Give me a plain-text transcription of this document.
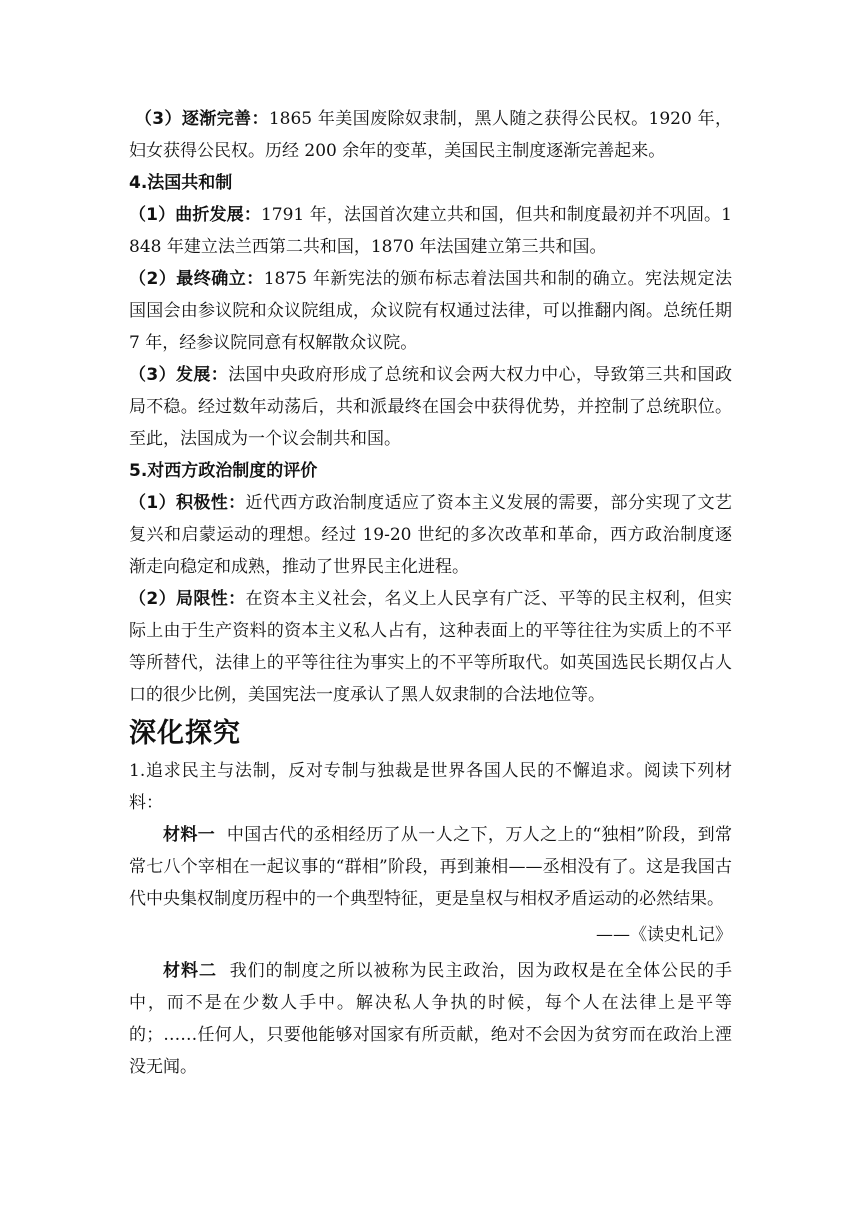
（3）逐渐完善：1865 年美国废除奴隶制，黑人随之获得公民权。1920 年，妇女获得公民权。历经 200 余年的变革，美国民主制度逐渐完善起来。

4.法国共和制

（1）曲折发展：1791 年，法国首次建立共和国，但共和制度最初并不巩固。1848 年建立法兰西第二共和国，1870 年法国建立第三共和国。

（2）最终确立：1875 年新宪法的颁布标志着法国共和制的确立。宪法规定法国国会由参议院和众议院组成，众议院有权通过法律，可以推翻内阁。总统任期 7 年，经参议院同意有权解散众议院。

（3）发展：法国中央政府形成了总统和议会两大权力中心，导致第三共和国政局不稳。经过数年动荡后，共和派最终在国会中获得优势，并控制了总统职位。至此，法国成为一个议会制共和国。

5.对西方政治制度的评价

（1）积极性：近代西方政治制度适应了资本主义发展的需要，部分实现了文艺复兴和启蒙运动的理想。经过 19-20 世纪的多次改革和革命，西方政治制度逐渐走向稳定和成熟，推动了世界民主化进程。

（2）局限性：在资本主义社会，名义上人民享有广泛、平等的民主权利，但实际上由于生产资料的资本主义私人占有，这种表面上的平等往往为实质上的不平等所替代，法律上的平等往往为事实上的不平等所取代。如英国选民长期仅占人口的很少比例，美国宪法一度承认了黑人奴隶制的合法地位等。

深化探究

1.追求民主与法制，反对专制与独裁是世界各国人民的不懈追求。阅读下列材料：

材料一 中国古代的丞相经历了从一人之下，万人之上的“独相”阶段，到常常七八个宰相在一起议事的“群相”阶段，再到兼相——丞相没有了。这是我国古代中央集权制度历程中的一个典型特征，更是皇权与相权矛盾运动的必然结果。

——《读史札记》

材料二 我们的制度之所以被称为民主政治，因为政权是在全体公民的手中，而不是在少数人手中。解决私人争执的时候，每个人在法律上是平等的；……任何人，只要他能够对国家有所贡献，绝对不会因为贫穷而在政治上湮没无闻。
